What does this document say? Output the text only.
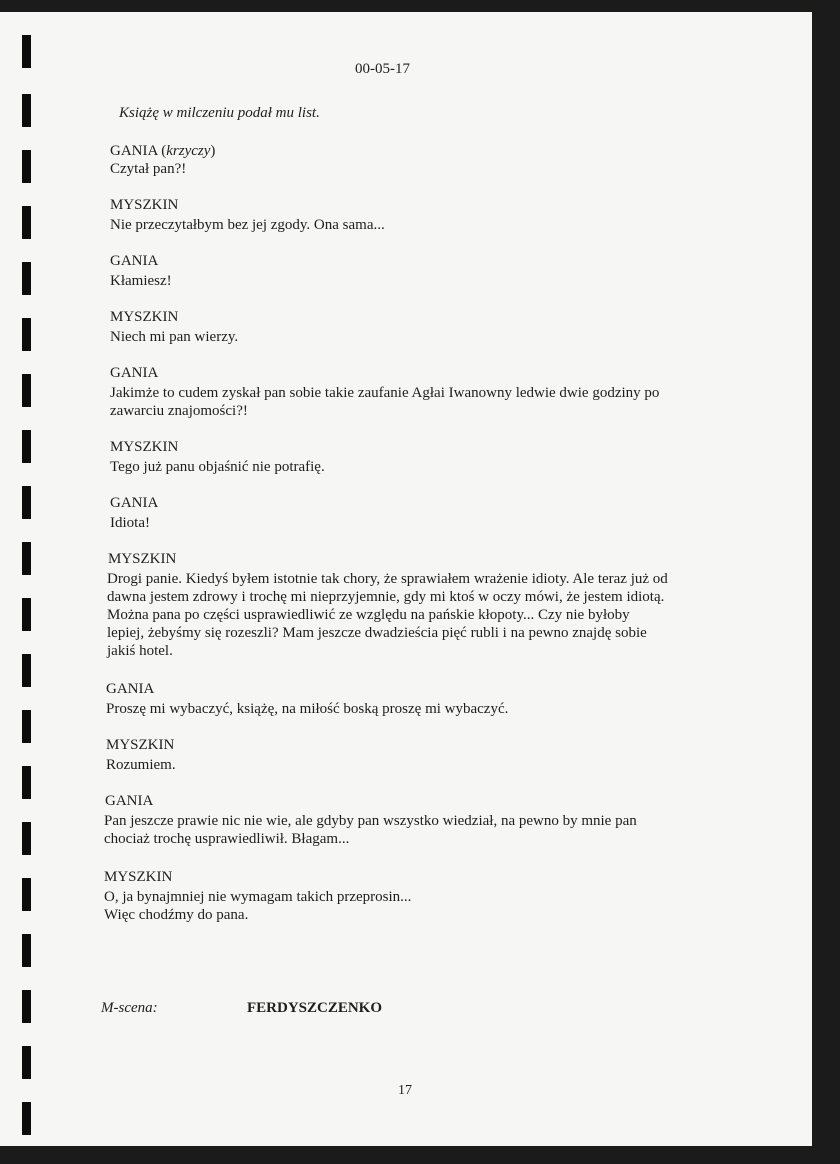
00-05-17
Książę w milczeniu podał mu list.
GANIA (krzyczy)
Czytał pan?!
MYSZKIN
Nie przeczytałbym bez jej zgody. Ona sama...
GANIA
Kłamiesz!
MYSZKIN
Niech mi pan wierzy.
GANIA
Jakimże to cudem zyskał pan sobie takie zaufanie Agłai Iwanowny ledwie dwie godziny po
zawarciu znajomości?!
MYSZKIN
Tego już panu objaśnić nie potrafię.
GANIA
Idiota!
MYSZKIN
Drogi panie. Kiedyś byłem istotnie tak chory, że sprawiałem wrażenie idioty. Ale teraz już od
dawna jestem zdrowy i trochę mi nieprzyjemnie, gdy mi ktoś w oczy mówi, że jestem idiotą.
Można pana po części usprawiedliwić ze względu na pańskie kłopoty... Czy nie byłoby
lepiej, żebyśmy się rozeszli? Mam jeszcze dwadzieścia pięć rubli i na pewno znajdę sobie
jakiś hotel.
GANIA
Proszę mi wybaczyć, książę, na miłość boską proszę mi wybaczyć.
MYSZKIN
Rozumiem.
GANIA
Pan jeszcze prawie nic nie wie, ale gdyby pan wszystko wiedział, na pewno by mnie pan
chociaż trochę usprawiedliwił. Błagam...
MYSZKIN
O, ja bynajmniej nie wymagam takich przeprosin...
Więc chodźmy do pana.
M-scena:	FERDYSZCZENKO
17
